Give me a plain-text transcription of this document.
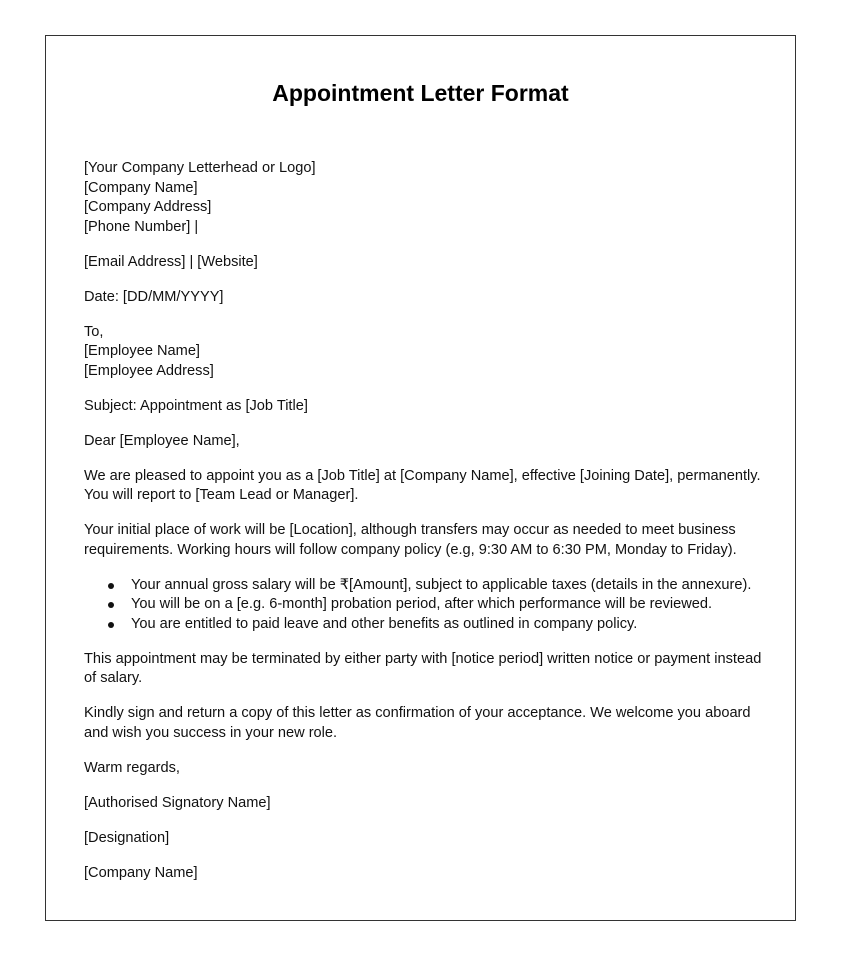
Appointment Letter Format

[Your Company Letterhead or Logo]
[Company Name]
[Company Address]
[Phone Number] |

[Email Address] | [Website]

Date: [DD/MM/YYYY]

To,
[Employee Name]
[Employee Address]

Subject: Appointment as [Job Title]

Dear [Employee Name],

We are pleased to appoint you as a [Job Title] at [Company Name], effective [Joining Date], permanently.
You will report to [Team Lead or Manager].

Your initial place of work will be [Location], although transfers may occur as needed to meet business
requirements. Working hours will follow company policy (e.g, 9:30 AM to 6:30 PM, Monday to Friday).

Your annual gross salary will be ₹[Amount], subject to applicable taxes (details in the annexure).
You will be on a [e.g. 6-month] probation period, after which performance will be reviewed.
You are entitled to paid leave and other benefits as outlined in company policy.

This appointment may be terminated by either party with [notice period] written notice or payment instead
of salary.

Kindly sign and return a copy of this letter as confirmation of your acceptance. We welcome you aboard
and wish you success in your new role.

Warm regards,

[Authorised Signatory Name]

[Designation]

[Company Name]
